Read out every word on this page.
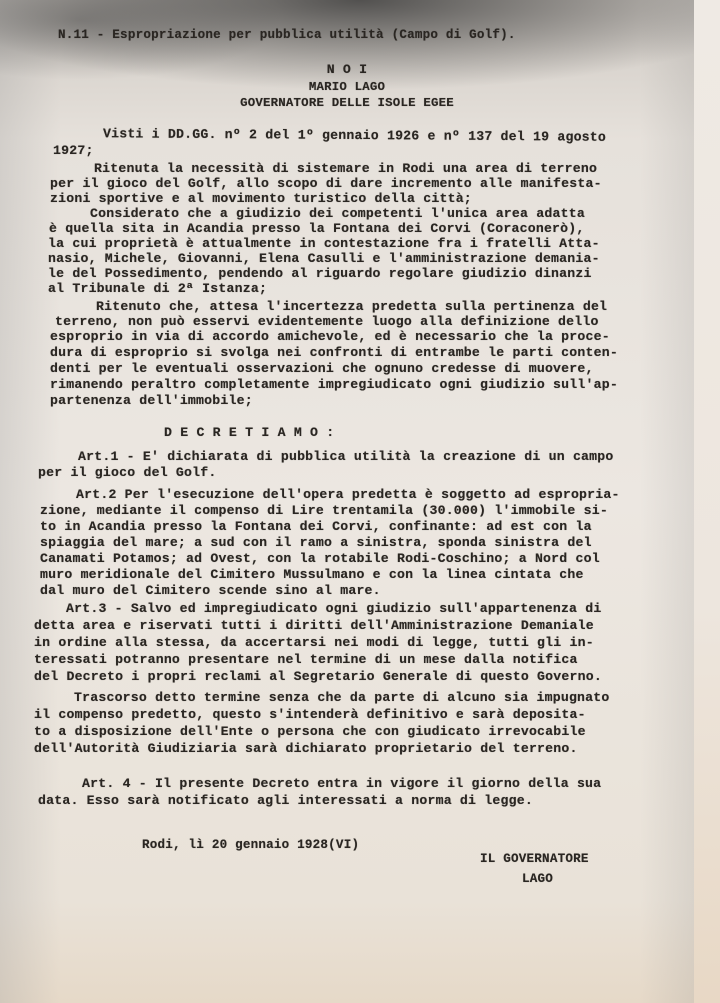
N.11 - Espropriazione per pubblica utilità (Campo di Golf).
N O I
MARIO LAGO
GOVERNATORE DELLE ISOLE EGEE
Visti i DD.GG. nº 2 del 1º gennaio 1926 e nº 137 del 19 agosto
1927;
Ritenuta la necessità di sistemare in Rodi una area di terreno
per il gioco del Golf, allo scopo di dare incremento alle manifesta-
zioni sportive e al movimento turistico della città;
Considerato che a giudizio dei competenti l'unica area adatta
è quella sita in Acandia presso la Fontana dei Corvi (Coraconerò),
la cui proprietà è attualmente in contestazione fra i fratelli Atta-
nasio, Michele, Giovanni, Elena Casulli e l'amministrazione demania-
le del Possedimento, pendendo al riguardo regolare giudizio dinanzi
al Tribunale di 2ª Istanza;
Ritenuto che, attesa l'incertezza predetta sulla pertinenza del
terreno, non può esservi evidentemente luogo alla definizione dello
esproprio in via di accordo amichevole, ed è necessario che la proce-
dura di esproprio si svolga nei confronti di entrambe le parti conten-
denti per le eventuali osservazioni che ognuno credesse di muovere,
rimanendo peraltro completamente impregiudicato ogni giudizio sull'ap-
partenenza dell'immobile;
D E C R E T I A M O :
Art.1 - E' dichiarata di pubblica utilità la creazione di un campo
per il gioco del Golf.
Art.2 Per l'esecuzione dell'opera predetta è soggetto ad espropria-
zione, mediante il compenso di Lire trentamila (30.000) l'immobile si-
to in Acandia presso la Fontana dei Corvi, confinante: ad est con la
spiaggia del mare; a sud con il ramo a sinistra, sponda sinistra del
Canamati Potamos; ad Ovest, con la rotabile Rodi-Coschino; a Nord col
muro meridionale del Cimitero Mussulmano e con la linea cintata che
dal muro del Cimitero scende sino al mare.
Art.3 - Salvo ed impregiudicato ogni giudizio sull'appartenenza di
detta area e riservati tutti i diritti dell'Amministrazione Demaniale
in ordine alla stessa, da accertarsi nei modi di legge, tutti gli in-
teressati potranno presentare nel termine di un mese dalla notifica
del Decreto i propri reclami al Segretario Generale di questo Governo.
Trascorso detto termine senza che da parte di alcuno sia impugnato
il compenso predetto, questo s'intenderà definitivo e sarà deposita-
to a disposizione dell'Ente o persona che con giudicato irrevocabile
dell'Autorità Giudiziaria sarà dichiarato proprietario del terreno.
Art. 4 - Il presente Decreto entra in vigore il giorno della sua
data. Esso sarà notificato agli interessati a norma di legge.
Rodi, lì 20 gennaio 1928(VI)
IL GOVERNATORE
LAGO
